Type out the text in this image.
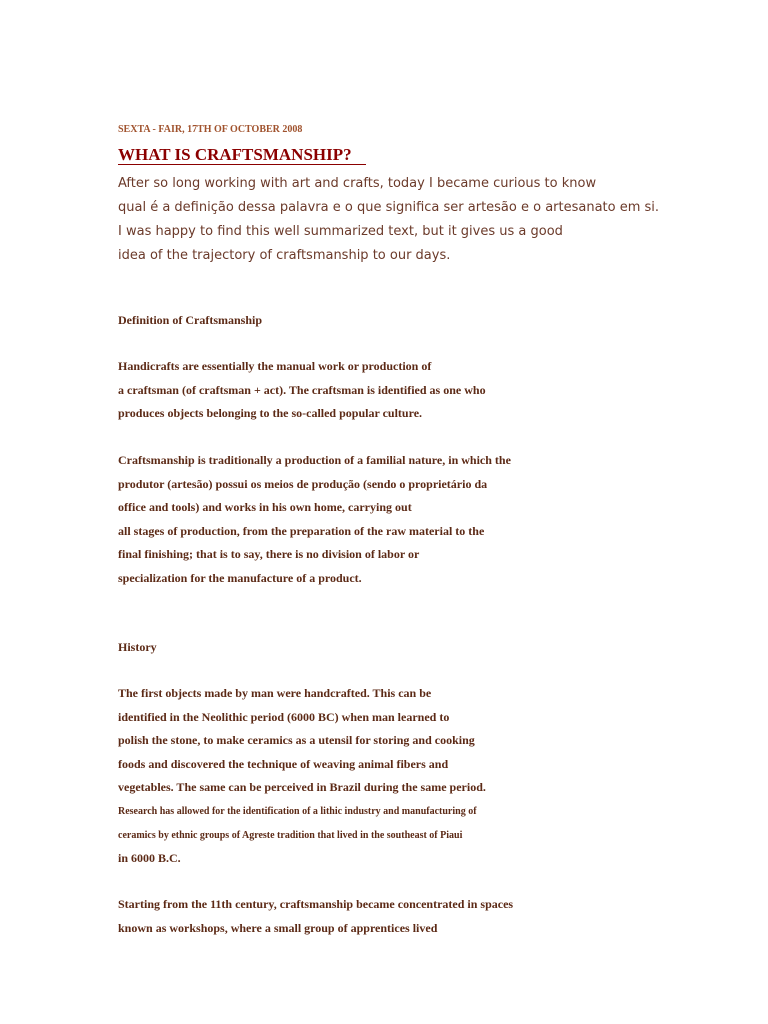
SEXTA - FAIR, 17TH OF OCTOBER 2008
WHAT IS CRAFTSMANSHIP?
After so long working with art and crafts, today I became curious to know
qual é a definição dessa palavra e o que significa ser artesão e o artesanato em si.
I was happy to find this well summarized text, but it gives us a good
idea of the trajectory of craftsmanship to our days.
Definition of Craftsmanship
Handicrafts are essentially the manual work or production of
a craftsman (of craftsman + act). The craftsman is identified as one who
produces objects belonging to the so-called popular culture.
Craftsmanship is traditionally a production of a familial nature, in which the
produtor (artesão) possui os meios de produção (sendo o proprietário da
office and tools) and works in his own home, carrying out
all stages of production, from the preparation of the raw material to the
final finishing; that is to say, there is no division of labor or
specialization for the manufacture of a product.
History
The first objects made by man were handcrafted. This can be
identified in the Neolithic period (6000 BC) when man learned to
polish the stone, to make ceramics as a utensil for storing and cooking
foods and discovered the technique of weaving animal fibers and
vegetables. The same can be perceived in Brazil during the same period.
Research has allowed for the identification of a lithic industry and manufacturing of
ceramics by ethnic groups of Agreste tradition that lived in the southeast of Piaui
in 6000 B.C.
Starting from the 11th century, craftsmanship became concentrated in spaces
known as workshops, where a small group of apprentices lived
